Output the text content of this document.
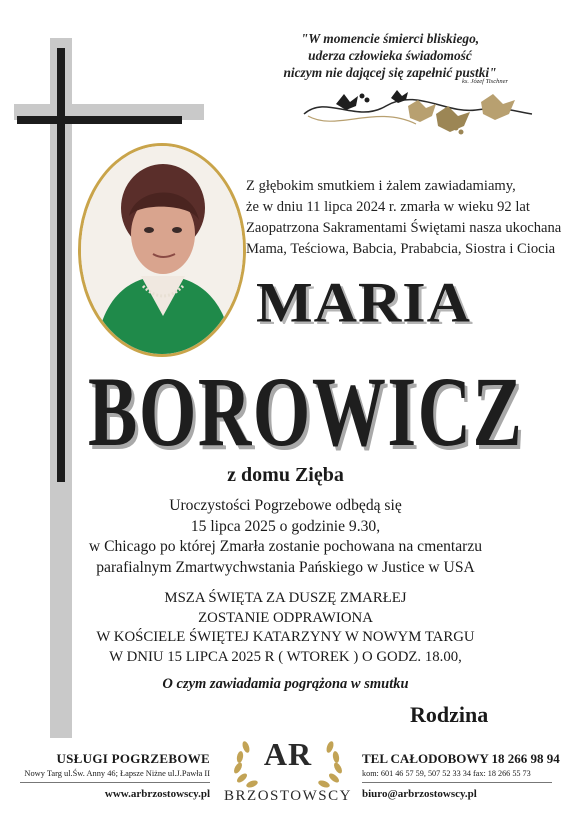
"W momencie śmierci bliskiego,
uderza człowieka świadomość
niczym nie dającej się zapełnić pustki"
ks. Józef Tischner
Z głębokim smutkiem i żalem zawiadamiamy,
że w dniu 11 lipca 2024 r. zmarła w wieku 92 lat
Zaopatrzona Sakramentami Świętami nasza ukochana
Mama, Teściowa, Babcia, Prababcia, Siostra i Ciocia
MARIA
BOROWICZ
z domu Zięba
Uroczystości Pogrzebowe odbędą się
15 lipca 2025 o godzinie 9.30,
w Chicago po której Zmarła zostanie pochowana na cmentarzu
parafialnym Zmartwychwstania Pańskiego w Justice w USA
MSZA ŚWIĘTA ZA DUSZĘ ZMARŁEJ
ZOSTANIE ODPRAWIONA
W KOŚCIELE ŚWIĘTEJ KATARZYNY W NOWYM TARGU
W DNIU 15 LIPCA 2025 R ( WTOREK ) O GODZ. 18.00,
O czym zawiadamia pogrążona w smutku
Rodzina
USŁUGI POGRZEBOWE
Nowy Targ ul.Św. Anny 46; Łapsze Niżne ul.J.Pawła II
www.arbrzostowscy.pl
AR
BRZOSTOWSCY
TEL CAŁODOBOWY 18 266 98 94
kom: 601 46 57 59, 507 52 33 34 fax: 18 266 55 73
biuro@arbrzostowscy.pl
